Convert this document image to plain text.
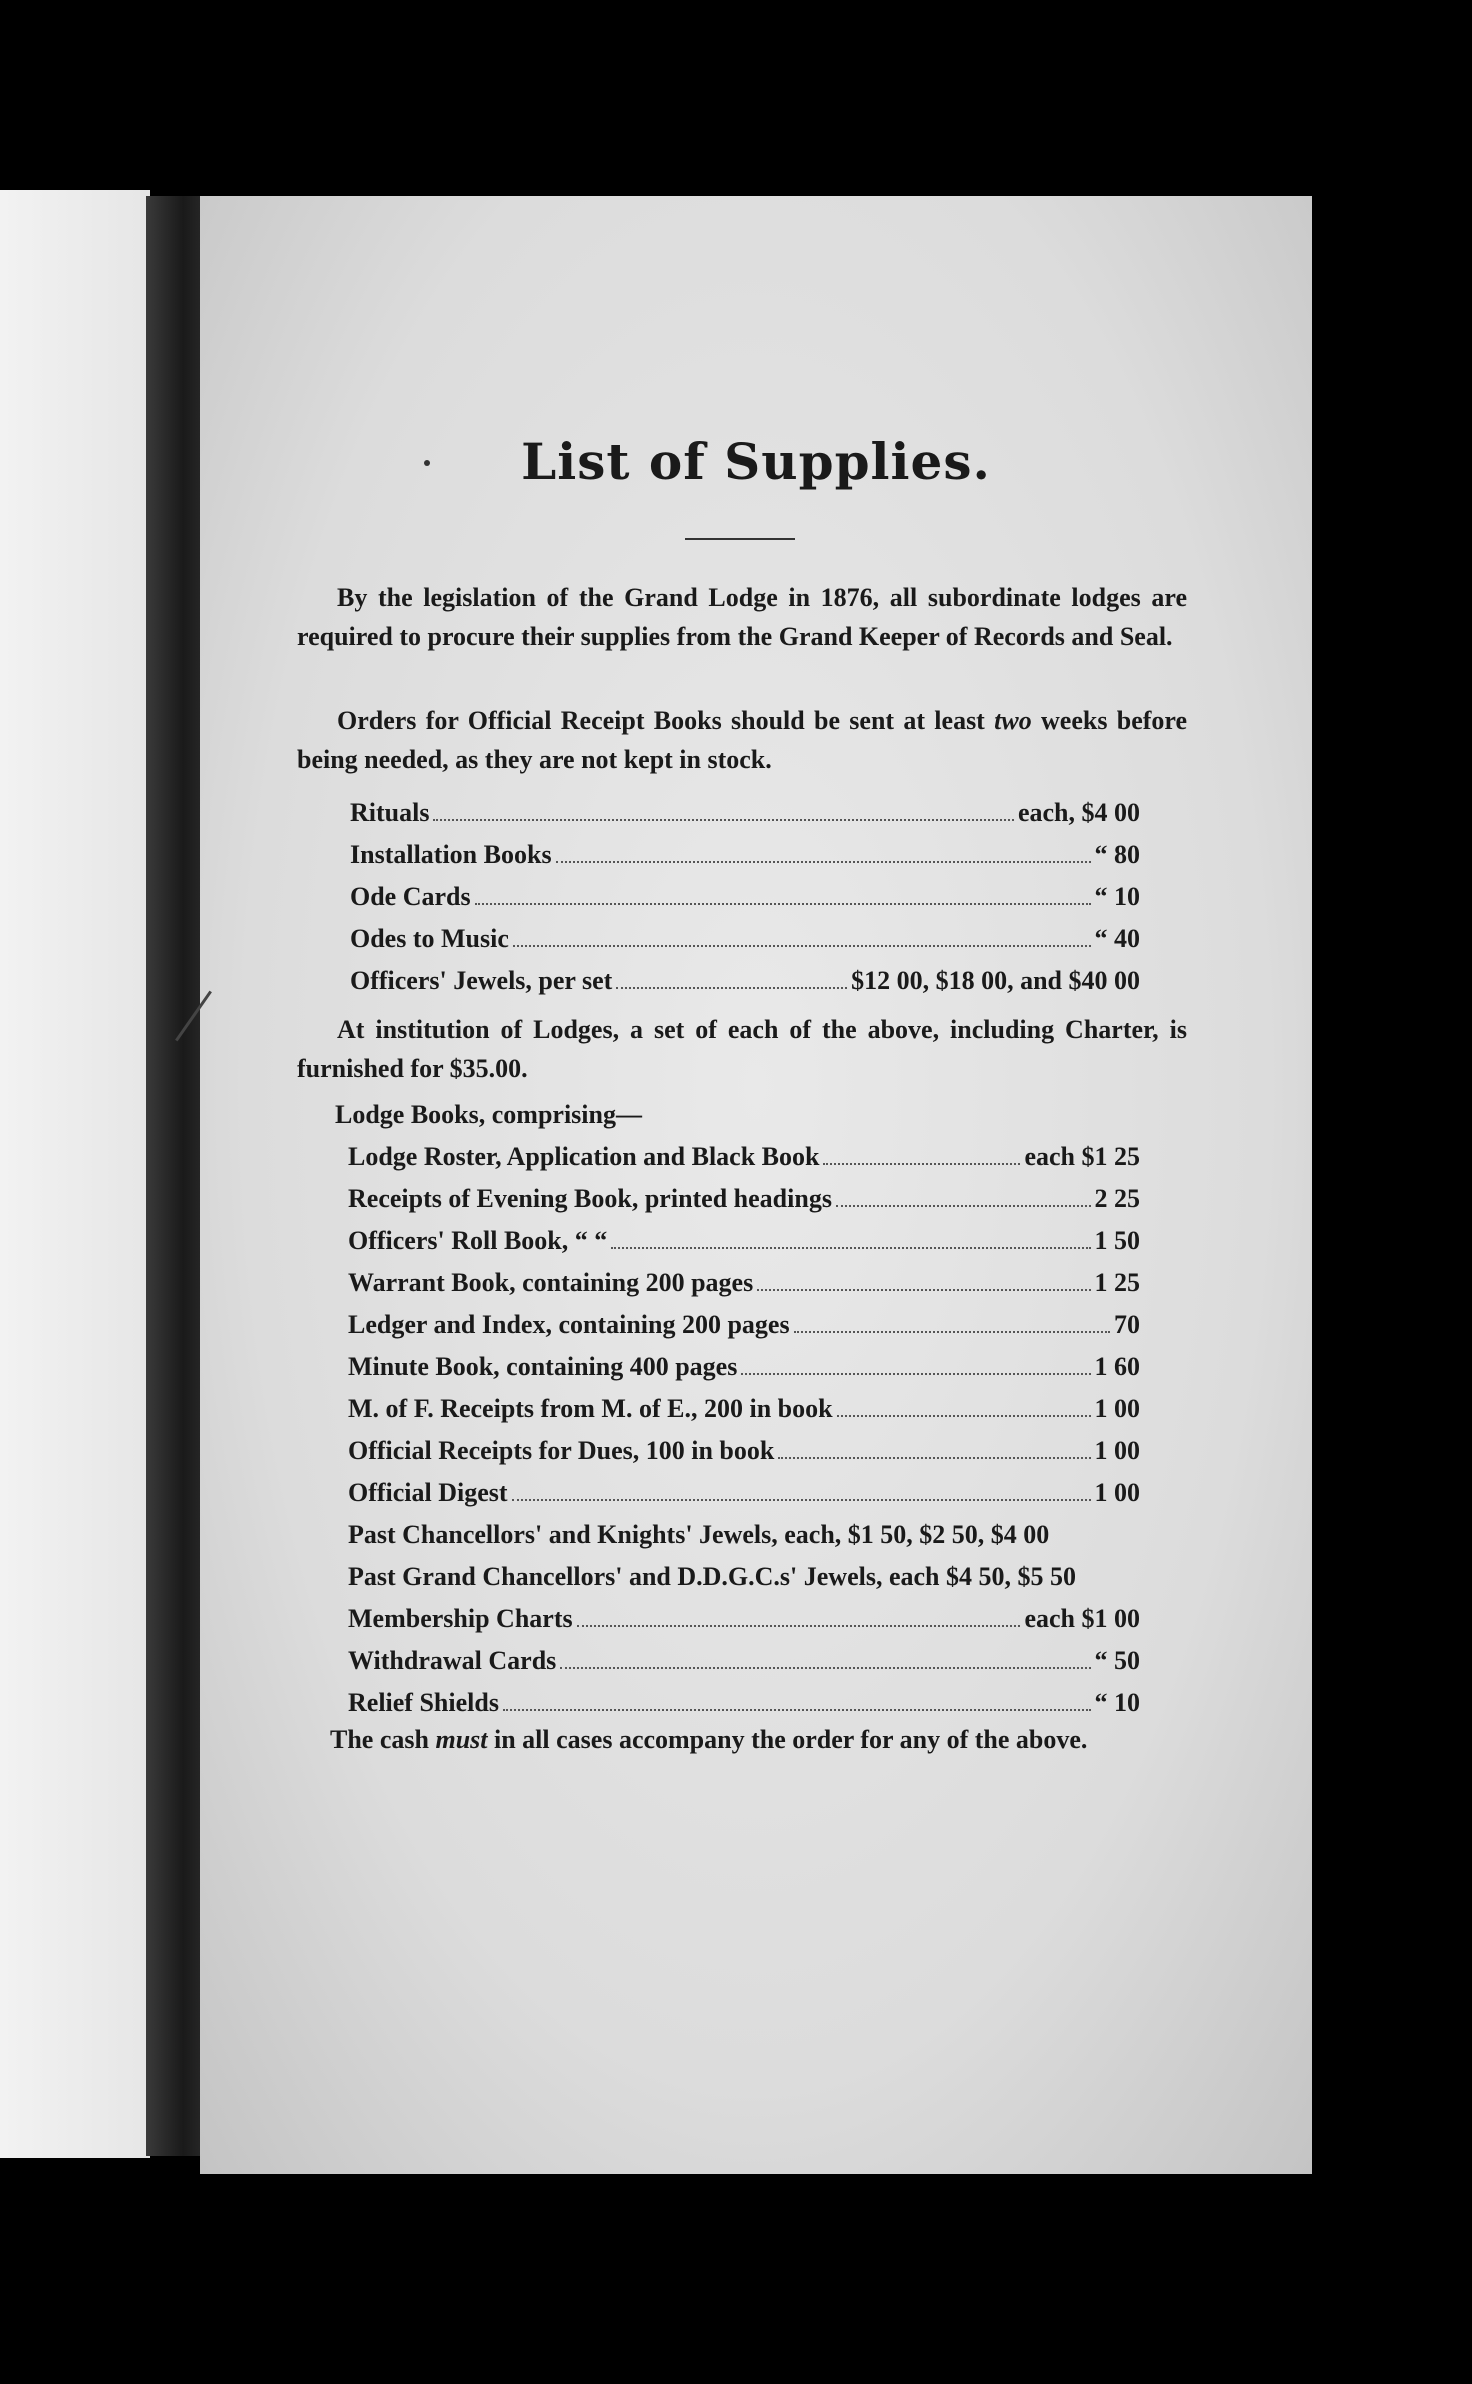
List of Supplies.
By the legislation of the Grand Lodge in 1876, all subordinate lodges are required to procure their supplies from the Grand Keeper of Records and Seal.
Orders for Official Receipt Books should be sent at least two weeks before being needed, as they are not kept in stock.
Rituals	each, $4 00
Installation Books	“ 80
Ode Cards	“ 10
Odes to Music	“ 40
Officers' Jewels, per set	$12 00, $18 00, and $40 00
At institution of Lodges, a set of each of the above, including Charter, is furnished for $35.00.
Lodge Books, comprising—
Lodge Roster, Application and Black Book	each $1 25
Receipts of Evening Book, printed headings	2 25
Officers' Roll Book, “ “	1 50
Warrant Book, containing 200 pages	1 25
Ledger and Index, containing 200 pages	70
Minute Book, containing 400 pages	1 60
M. of F. Receipts from M. of E., 200 in book	1 00
Official Receipts for Dues, 100 in book	1 00
Official Digest	1 00
Past Chancellors' and Knights' Jewels, each, $1 50, $2 50, $4 00
Past Grand Chancellors' and D.D.G.C.s' Jewels, each $4 50, $5 50
Membership Charts	each $1 00
Withdrawal Cards	“ 50
Relief Shields	“ 10
The cash must in all cases accompany the order for any of the above.
